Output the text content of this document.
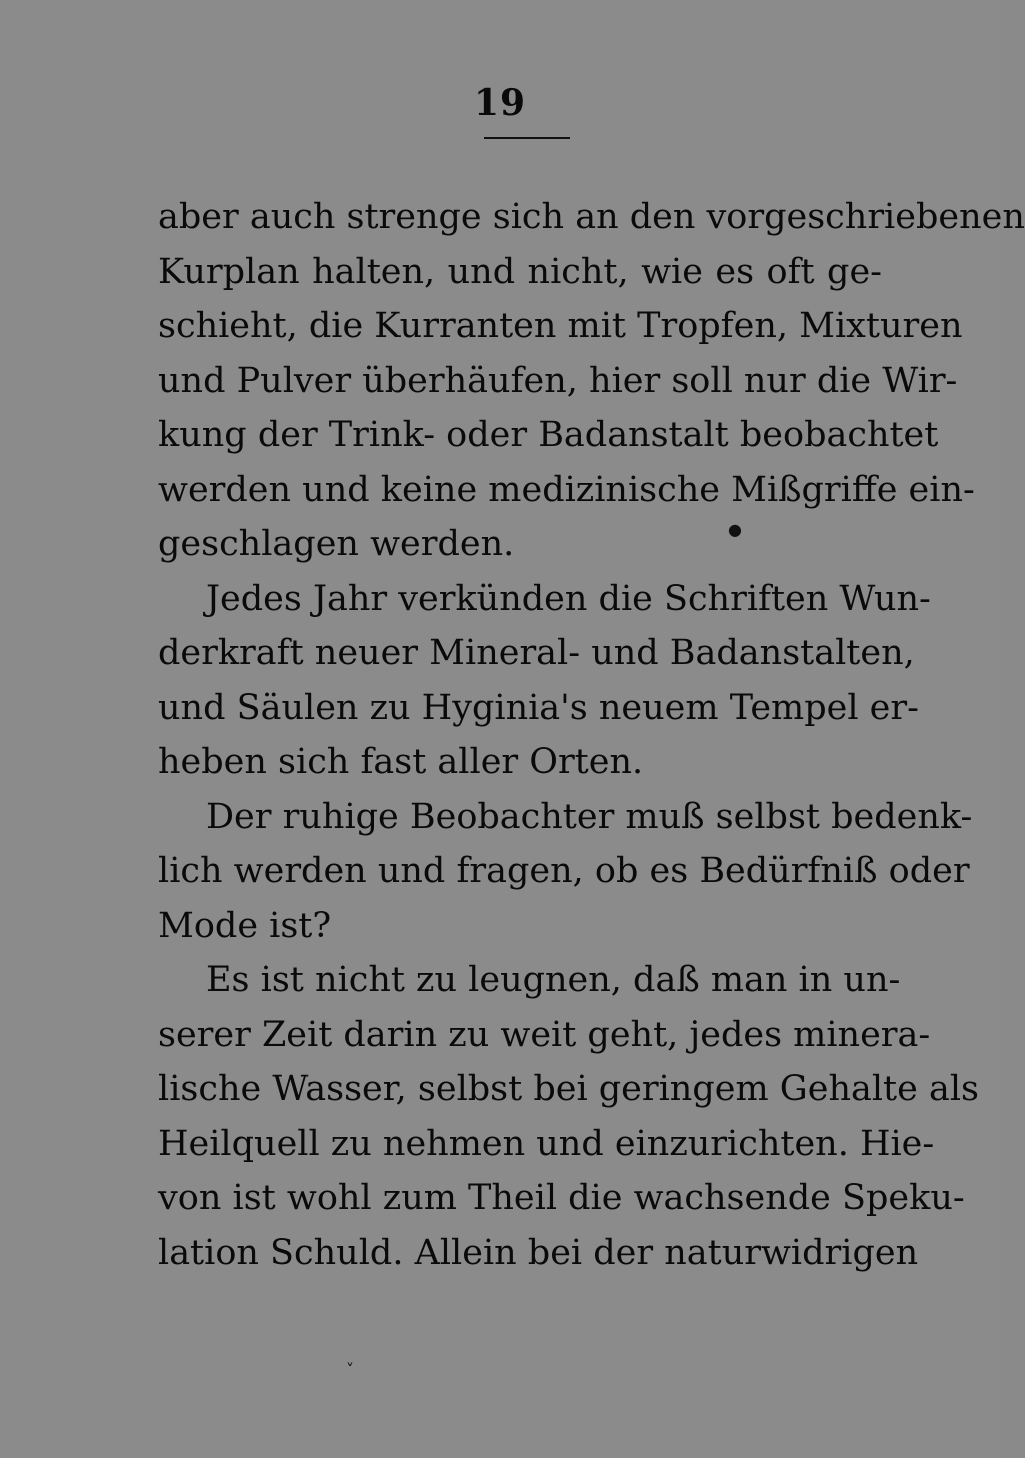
19
aber auch strenge sich an den vorgeschriebenen
Kurplan halten, und nicht, wie es oft ge-
schieht, die Kurranten mit Tropfen, Mixturen
und Pulver überhäufen, hier soll nur die Wir-
kung der Trink- oder Badanstalt beobachtet
werden und keine medizinische Mißgriffe ein-
geschlagen werden.
Jedes Jahr verkünden die Schriften Wun-
derkraft neuer Mineral- und Badanstalten,
und Säulen zu Hyginia's neuem Tempel er-
heben sich fast aller Orten.
Der ruhige Beobachter muß selbst bedenk-
lich werden und fragen, ob es Bedürfniß oder
Mode ist?
Es ist nicht zu leugnen, daß man in un-
serer Zeit darin zu weit geht, jedes minera-
lische Wasser, selbst bei geringem Gehalte als
Heilquell zu nehmen und einzurichten. Hie-
von ist wohl zum Theil die wachsende Speku-
lation Schuld. Allein bei der naturwidrigen
●
˅
